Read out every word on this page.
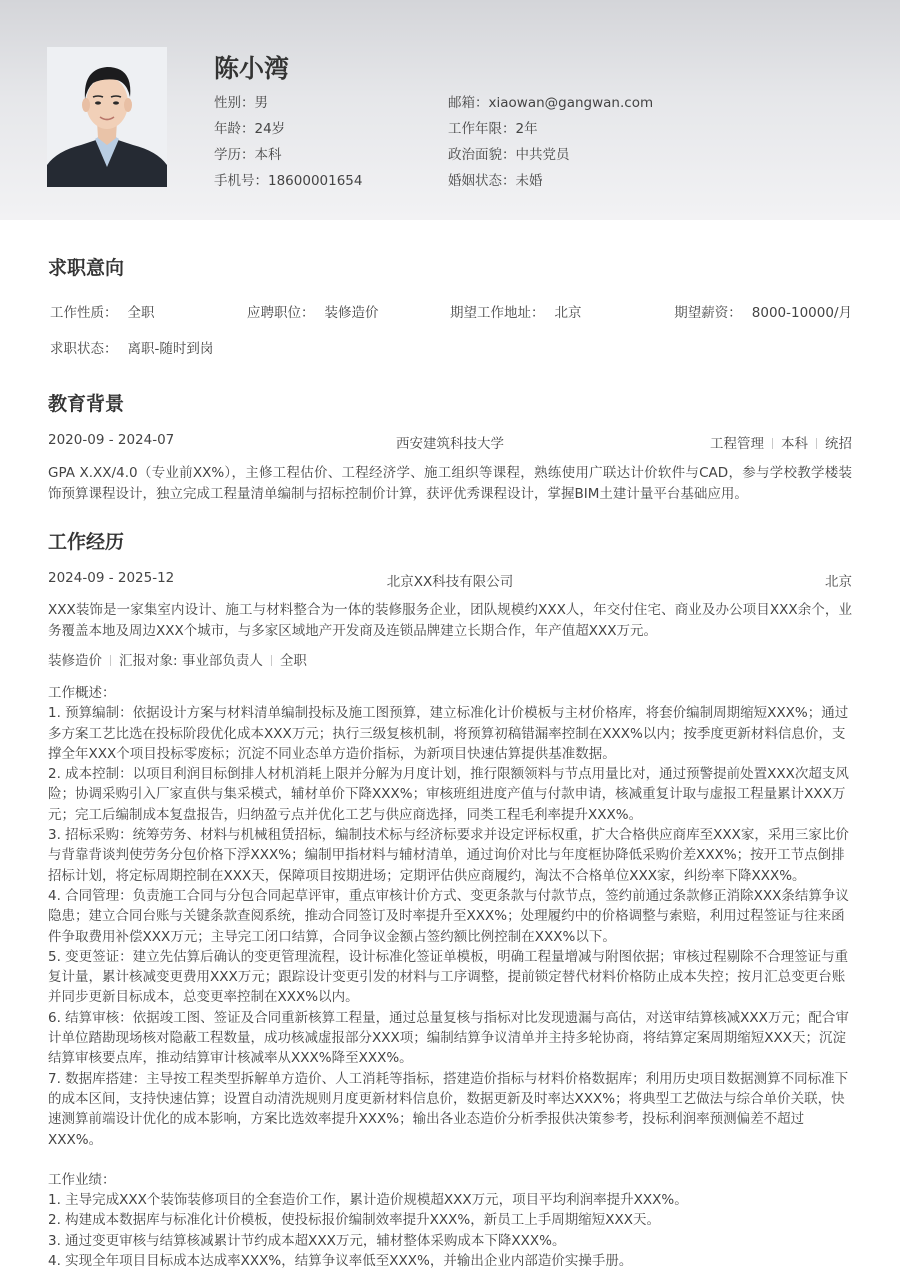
陈小湾
性别：男
年龄：24岁
学历：本科
手机号：18600001654
邮箱：xiaowan@gangwan.com
工作年限：2年
政治面貌：中共党员
婚姻状态：未婚
求职意向
工作性质： 全职	应聘职位： 装修造价	期望工作地址： 北京	期望薪资： 8000-10000/月
求职状态： 离职-随时到岗
教育背景
2020-09 - 2024-07	西安建筑科技大学	工程管理 本科 统招

GPA X.XX/4.0（专业前XX%），主修工程估价、工程经济学、施工组织等课程，熟练使用广联达计价软件与CAD，参与学校教学楼装饰预算课程设计，独立完成工程量清单编制与招标控制价计算，获评优秀课程设计，掌握BIM土建计量平台基础应用。

工作经历
2024-09 - 2025-12	北京XX科技有限公司	北京

XXX装饰是一家集室内设计、施工与材料整合为一体的装修服务企业，团队规模约XXX人，年交付住宅、商业及办公项目XXX余个，业务覆盖本地及周边XXX个城市，与多家区域地产开发商及连锁品牌建立长期合作，年产值超XXX万元。

装修造价 汇报对象: 事业部负责人 全职
工作概述：
1. 预算编制：依据设计方案与材料清单编制投标及施工图预算，建立标准化计价模板与主材价格库，将套价编制周期缩短XXX%；通过多方案工艺比选在投标阶段优化成本XXX万元；执行三级复核机制，将预算初稿错漏率控制在XXX%以内；按季度更新材料信息价，支撑全年XXX个项目投标零废标；沉淀不同业态单方造价指标，为新项目快速估算提供基准数据。
2. 成本控制：以项目利润目标倒排人材机消耗上限并分解为月度计划，推行限额领料与节点用量比对，通过预警提前处置XXX次超支风险；协调采购引入厂家直供与集采模式，辅材单价下降XXX%；审核班组进度产值与付款申请，核减重复计取与虚报工程量累计XXX万元；完工后编制成本复盘报告，归纳盈亏点并优化工艺与供应商选择，同类工程毛利率提升XXX%。
3. 招标采购：统筹劳务、材料与机械租赁招标，编制技术标与经济标要求并设定评标权重，扩大合格供应商库至XXX家，采用三家比价与背靠背谈判使劳务分包价格下浮XXX%；编制甲指材料与辅材清单，通过询价对比与年度框协降低采购价差XXX%；按开工节点倒排招标计划，将定标周期控制在XXX天，保障项目按期进场；定期评估供应商履约，淘汰不合格单位XXX家，纠纷率下降XXX%。
4. 合同管理：负责施工合同与分包合同起草评审，重点审核计价方式、变更条款与付款节点，签约前通过条款修正消除XXX条结算争议隐患；建立合同台账与关键条款查阅系统，推动合同签订及时率提升至XXX%；处理履约中的价格调整与索赔，利用过程签证与往来函件争取费用补偿XXX万元；主导完工闭口结算，合同争议金额占签约额比例控制在XXX%以下。
5. 变更签证：建立先估算后确认的变更管理流程，设计标准化签证单模板，明确工程量增减与附图依据；审核过程剔除不合理签证与重复计量，累计核减变更费用XXX万元；跟踪设计变更引发的材料与工序调整，提前锁定替代材料价格防止成本失控；按月汇总变更台账并同步更新目标成本，总变更率控制在XXX%以内。
6. 结算审核：依据竣工图、签证及合同重新核算工程量，通过总量复核与指标对比发现遗漏与高估，对送审结算核减XXX万元；配合审计单位踏勘现场核对隐蔽工程数量，成功核减虚报部分XXX项；编制结算争议清单并主持多轮协商，将结算定案周期缩短XXX天；沉淀结算审核要点库，推动结算审计核减率从XXX%降至XXX%。
7. 数据库搭建：主导按工程类型拆解单方造价、人工消耗等指标，搭建造价指标与材料价格数据库；利用历史项目数据测算不同标准下的成本区间，支持快速估算；设置自动清洗规则月度更新材料信息价，数据更新及时率达XXX%；将典型工艺做法与综合单价关联，快速测算前端设计优化的成本影响，方案比选效率提升XXX%；输出各业态造价分析季报供决策参考，投标利润率预测偏差不超过XXX%。
工作业绩：
1. 主导完成XXX个装饰装修项目的全套造价工作，累计造价规模超XXX万元，项目平均利润率提升XXX%。
2. 构建成本数据库与标准化计价模板，使投标报价编制效率提升XXX%，新员工上手周期缩短XXX天。
3. 通过变更审核与结算核减累计节约成本超XXX万元，辅材整体采购成本下降XXX%。
4. 实现全年项目目标成本达成率XXX%，结算争议率低至XXX%，并输出企业内部造价实操手册。
